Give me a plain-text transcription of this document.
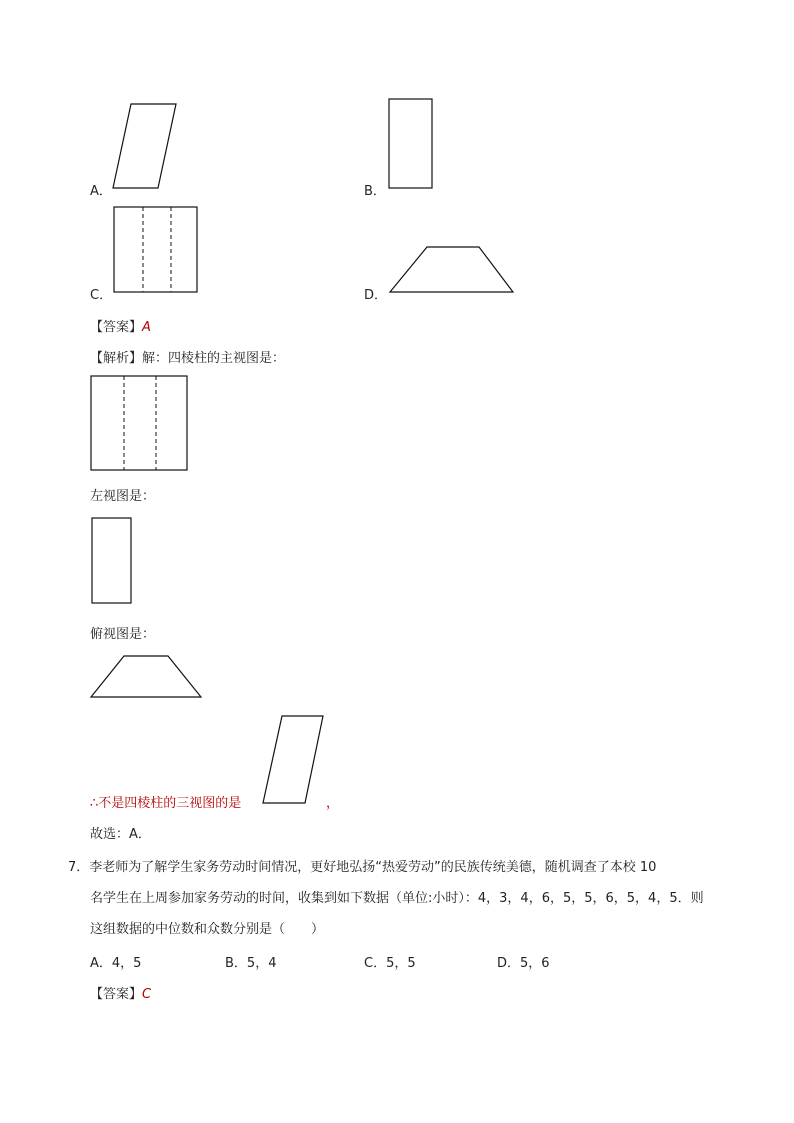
A．	B．
C．	D．
【答案】A
【解析】解：四棱柱的主视图是：
左视图是：
俯视图是：
∴不是四棱柱的三视图的是	，
故选：A．
7．李老师为了解学生家务劳动时间情况，更好地弘扬“热爱劳动”的民族传统美德，随机调查了本校 10
名学生在上周参加家务劳动的时间，收集到如下数据（单位:小时）：4，3，4，6，5，5，6，5，4，5．则
这组数据的中位数和众数分别是（　　）
A．4，5	B．5，4	C．5，5	D．5，6
【答案】C
